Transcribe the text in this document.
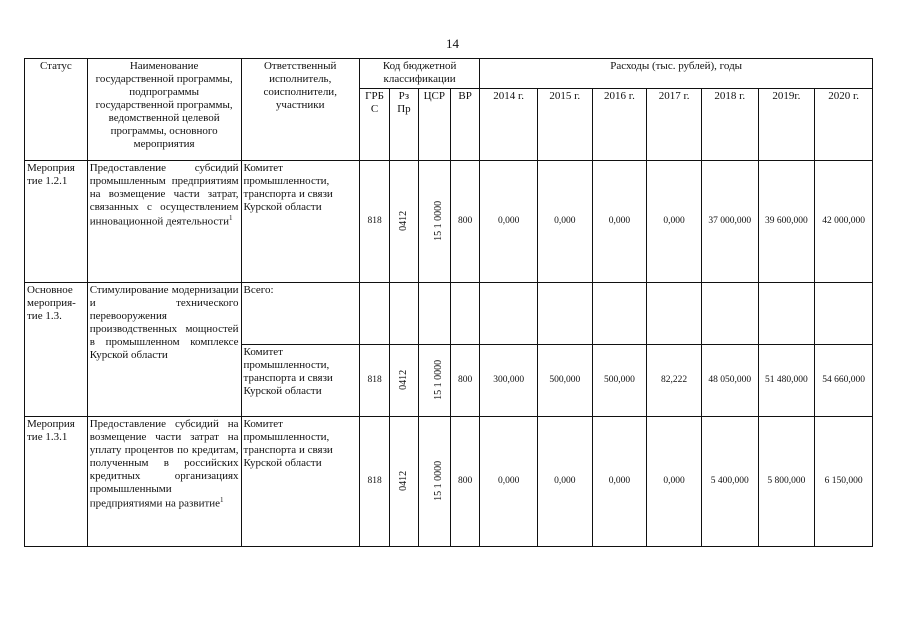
14
Статус	Наименование государственной программы, подпрограммы государственной программы, ведомственной целевой программы, основного мероприятия	Ответственный исполнитель, соисполнители, участники	Код бюджетной классификации				Расходы (тыс. рублей), годы						
			ГРБ С	Рз Пр	ЦСР	ВР	2014 г.	2015 г.	2016 г.	2017 г.	2018 г.	2019г.	2020 г.
Мероприя тие 1.2.1	Предоставление субсидий промышленным предприятиям на возмещение части затрат, связанных с осуществлением инновационной деятельности$^1$	Комитет промышленности, транспорта и связи Курской области	818	0412	15 1 0000	800	0,000	0,000	0,000	0,000	37 000,000	39 600,000	42 000,000
Основное мероприя- тие 1.3.	Стимулирование модернизации и технического перевооружения производственных мощностей в промышленном комплексе Курской области	Всего:											
		Комитет промышленности, транспорта и связи Курской области	818	0412	15 1 0000	800	300,000	500,000	500,000	82,222	48 050,000	51 480,000	54 660,000
Мероприя тие 1.3.1	Предоставление субсидий на возмещение части затрат на уплату процентов по кредитам, полученным в российских кредитных организациях промышленными предприятиями на развитие$^1$	Комитет промышленности, транспорта и связи Курской области	818	0412	15 1 0000	800	0,000	0,000	0,000	0,000	5 400,000	5 800,000	6 150,000
